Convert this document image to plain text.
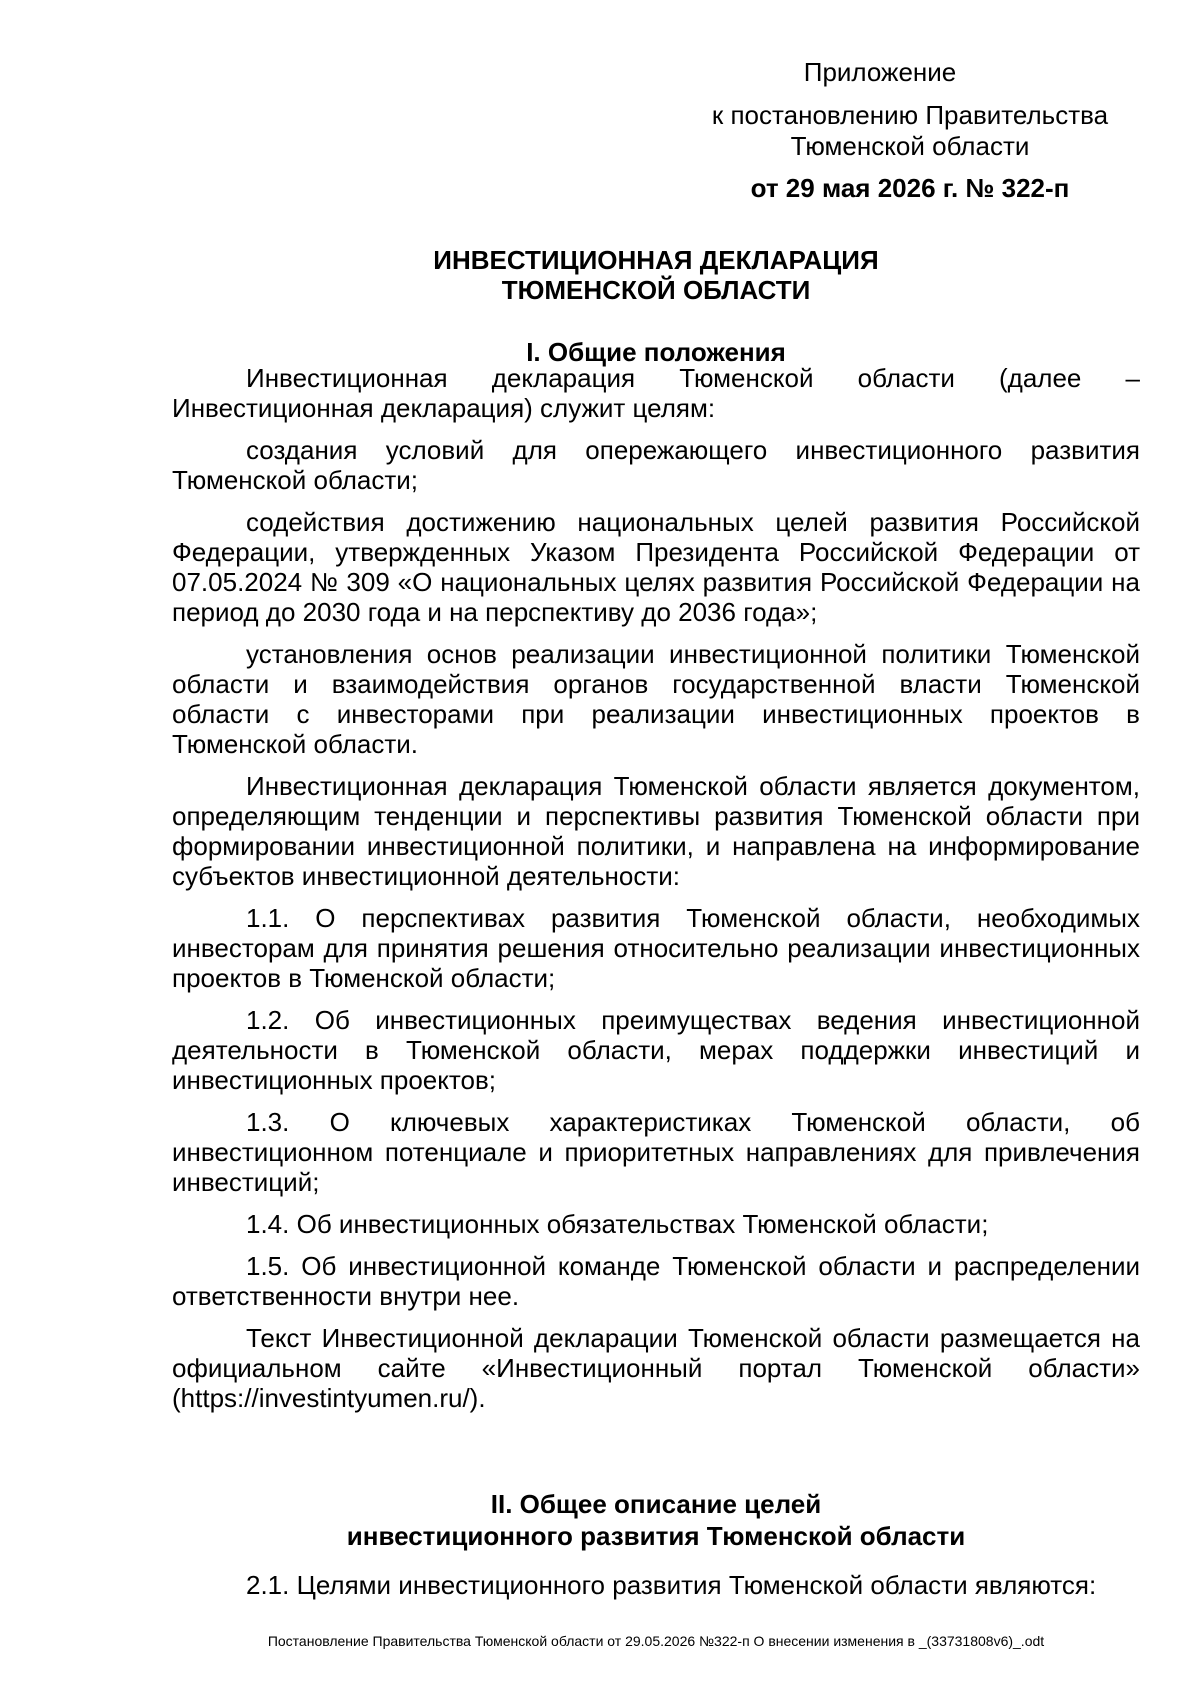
Приложение
к постановлению Правительства
Тюменской области
от 29 мая 2026 г. № 322-п
ИНВЕСТИЦИОННАЯ ДЕКЛАРАЦИЯ
ТЮМЕНСКОЙ ОБЛАСТИ
I. Общие положения

Инвестиционная декларация Тюменской области (далее – Инвестиционная декларация) служит целям:

создания условий для опережающего инвестиционного развития Тюменской области;

содействия достижению национальных целей развития Российской Федерации, утвержденных Указом Президента Российской Федерации от 07.05.2024 № 309 «О национальных целях развития Российской Федерации на период до 2030 года и на перспективу до 2036 года»;

установления основ реализации инвестиционной политики Тюменской области и взаимодействия органов государственной власти Тюменской области с инвесторами при реализации инвестиционных проектов в Тюменской области.

Инвестиционная декларация Тюменской области является документом, определяющим тенденции и перспективы развития Тюменской области при формировании инвестиционной политики, и направлена на информирование субъектов инвестиционной деятельности:

1.1. О перспективах развития Тюменской области, необходимых инвесторам для принятия решения относительно реализации инвестиционных проектов в Тюменской области;

1.2. Об инвестиционных преимуществах ведения инвестиционной деятельности в Тюменской области, мерах поддержки инвестиций и инвестиционных проектов;

1.3. О ключевых характеристиках Тюменской области, об инвестиционном потенциале и приоритетных направлениях для привлечения инвестиций;

1.4. Об инвестиционных обязательствах Тюменской области;

1.5. Об инвестиционной команде Тюменской области и распределении ответственности внутри нее.

Текст Инвестиционной декларации Тюменской области размещается на официальном сайте «Инвестиционный портал Тюменской области» (https://investintyumen.ru/).

II. Общее описание целей
инвестиционного развития Тюменской области
2.1. Целями инвестиционного развития Тюменской области являются:
Постановление Правительства Тюменской области от 29.05.2026 №322-п О внесении изменения в _(33731808v6)_.odt
